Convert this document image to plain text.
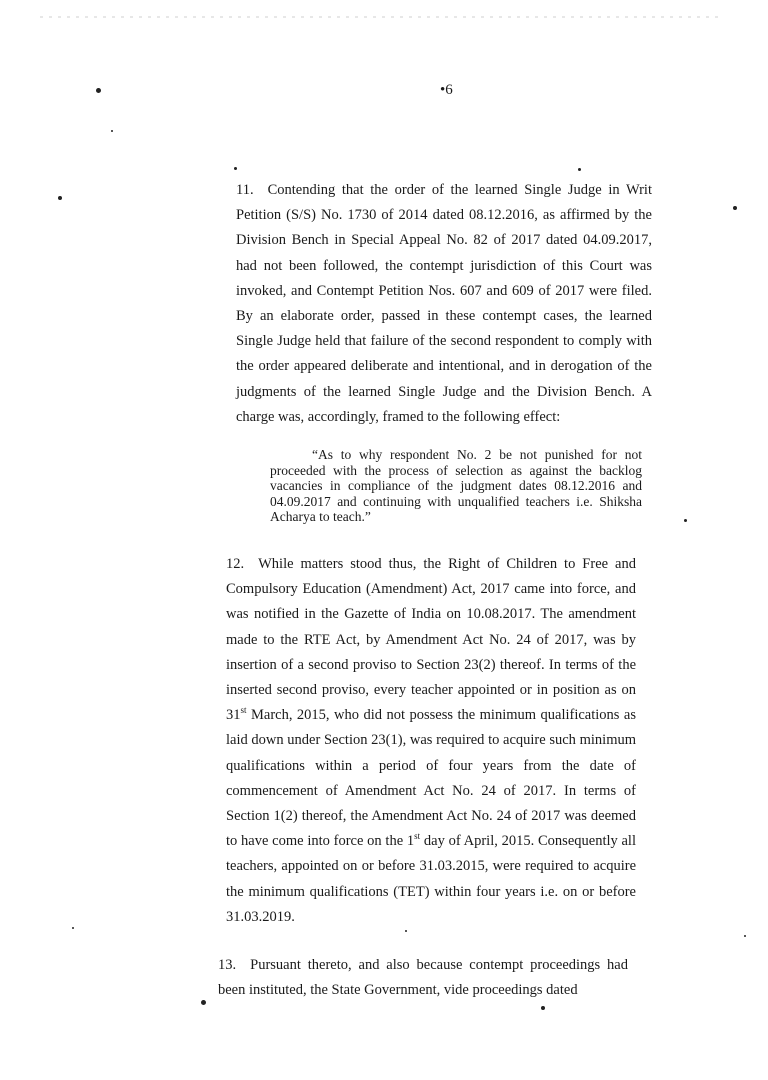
•6
11. Contending that the order of the learned Single Judge in Writ Petition (S/S) No. 1730 of 2014 dated 08.12.2016, as affirmed by the Division Bench in Special Appeal No. 82 of 2017 dated 04.09.2017, had not been followed, the contempt jurisdiction of this Court was invoked, and Contempt Petition Nos. 607 and 609 of 2017 were filed. By an elaborate order, passed in these contempt cases, the learned Single Judge held that failure of the second respondent to comply with the order appeared deliberate and intentional, and in derogation of the judgments of the learned Single Judge and the Division Bench. A charge was, accordingly, framed to the following effect:
“As to why respondent No. 2 be not punished for not proceeded with the process of selection as against the backlog vacancies in compliance of the judgment dates 08.12.2016 and 04.09.2017 and continuing with unqualified teachers i.e. Shiksha Acharya to teach.”
12. While matters stood thus, the Right of Children to Free and Compulsory Education (Amendment) Act, 2017 came into force, and was notified in the Gazette of India on 10.08.2017. The amendment made to the RTE Act, by Amendment Act No. 24 of 2017, was by insertion of a second proviso to Section 23(2) thereof. In terms of the inserted second proviso, every teacher appointed or in position as on 31st March, 2015, who did not possess the minimum qualifications as laid down under Section 23(1), was required to acquire such minimum qualifications within a period of four years from the date of commencement of Amendment Act No. 24 of 2017. In terms of Section 1(2) thereof, the Amendment Act No. 24 of 2017 was deemed to have come into force on the 1st day of April, 2015. Consequently all teachers, appointed on or before 31.03.2015, were required to acquire the minimum qualifications (TET) within four years i.e. on or before 31.03.2019.
13. Pursuant thereto, and also because contempt proceedings had been instituted, the State Government, vide proceedings dated
